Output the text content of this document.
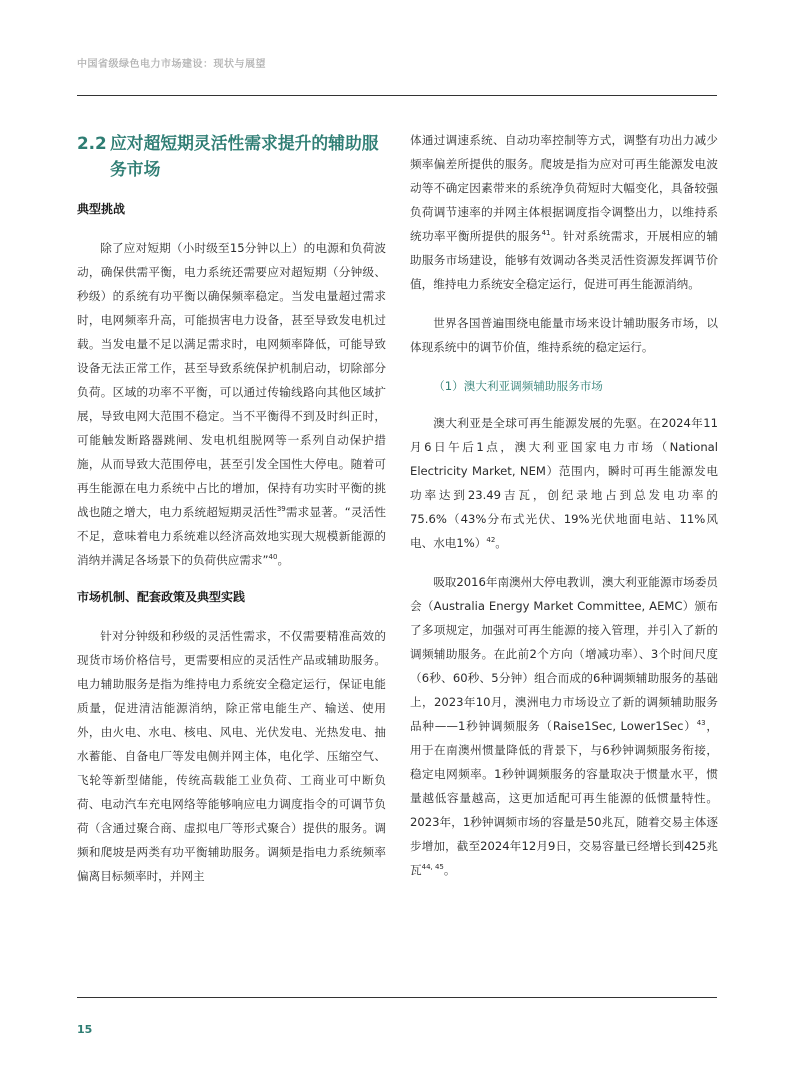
中国省级绿色电力市场建设：现状与展望
2.2 应对超短期灵活性需求提升的辅助服务市场
典型挑战

除了应对短期（小时级至15分钟以上）的电源和负荷波动，确保供需平衡，电力系统还需要应对超短期（分钟级、秒级）的系统有功平衡以确保频率稳定。当发电量超过需求时，电网频率升高，可能损害电力设备，甚至导致发电机过载。当发电量不足以满足需求时，电网频率降低，可能导致设备无法正常工作，甚至导致系统保护机制启动，切除部分负荷。区域的功率不平衡，可以通过传输线路向其他区域扩展，导致电网大范围不稳定。当不平衡得不到及时纠正时，可能触发断路器跳闸、发电机组脱网等一系列自动保护措施，从而导致大范围停电，甚至引发全国性大停电。随着可再生能源在电力系统中占比的增加，保持有功实时平衡的挑战也随之增大，电力系统超短期灵活性$^{39}$需求显著。“灵活性不足，意味着电力系统难以经济高效地实现大规模新能源的消纳并满足各场景下的负荷供应需求”$^{40}$。

市场机制、配套政策及典型实践

针对分钟级和秒级的灵活性需求，不仅需要精准高效的现货市场价格信号，更需要相应的灵活性产品或辅助服务。电力辅助服务是指为维持电力系统安全稳定运行，保证电能质量，促进清洁能源消纳，除正常电能生产、输送、使用外，由火电、水电、核电、风电、光伏发电、光热发电、抽水蓄能、自备电厂等发电侧并网主体，电化学、压缩空气、飞轮等新型储能，传统高载能工业负荷、工商业可中断负荷、电动汽车充电网络等能够响应电力调度指令的可调节负荷（含通过聚合商、虚拟电厂等形式聚合）提供的服务。调频和爬坡是两类有功平衡辅助服务。调频是指电力系统频率偏离目标频率时，并网主

体通过调速系统、自动功率控制等方式，调整有功出力减少频率偏差所提供的服务。爬坡是指为应对可再生能源发电波动等不确定因素带来的系统净负荷短时大幅变化，具备较强负荷调节速率的并网主体根据调度指令调整出力，以维持系统功率平衡所提供的服务$^{41}$。针对系统需求，开展相应的辅助服务市场建设，能够有效调动各类灵活性资源发挥调节价值，维持电力系统安全稳定运行，促进可再生能源消纳。

世界各国普遍围绕电能量市场来设计辅助服务市场，以体现系统中的调节价值，维持系统的稳定运行。

（1）澳大利亚调频辅助服务市场

澳大利亚是全球可再生能源发展的先驱。在2024年11月6日午后1点，澳大利亚国家电力市场（National Electricity Market, NEM）范围内，瞬时可再生能源发电功率达到23.49吉瓦，创纪录地占到总发电功率的75.6%（43%分布式光伏、19%光伏地面电站、11%风电、水电1%）$^{42}$。

吸取2016年南澳州大停电教训，澳大利亚能源市场委员会（Australia Energy Market Committee, AEMC）颁布了多项规定，加强对可再生能源的接入管理，并引入了新的调频辅助服务。在此前2个方向（增减功率）、3个时间尺度（6秒、60秒、5分钟）组合而成的6种调频辅助服务的基础上，2023年10月，澳洲电力市场设立了新的调频辅助服务品种——1秒钟调频服务（Raise1Sec, Lower1Sec）$^{43}$，用于在南澳州惯量降低的背景下，与6秒钟调频服务衔接，稳定电网频率。1秒钟调频服务的容量取决于惯量水平，惯量越低容量越高，这更加适配可再生能源的低惯量特性。2023年，1秒钟调频市场的容量是50兆瓦，随着交易主体逐步增加，截至2024年12月9日，交易容量已经增长到425兆瓦$^{44, 45}$。

15
